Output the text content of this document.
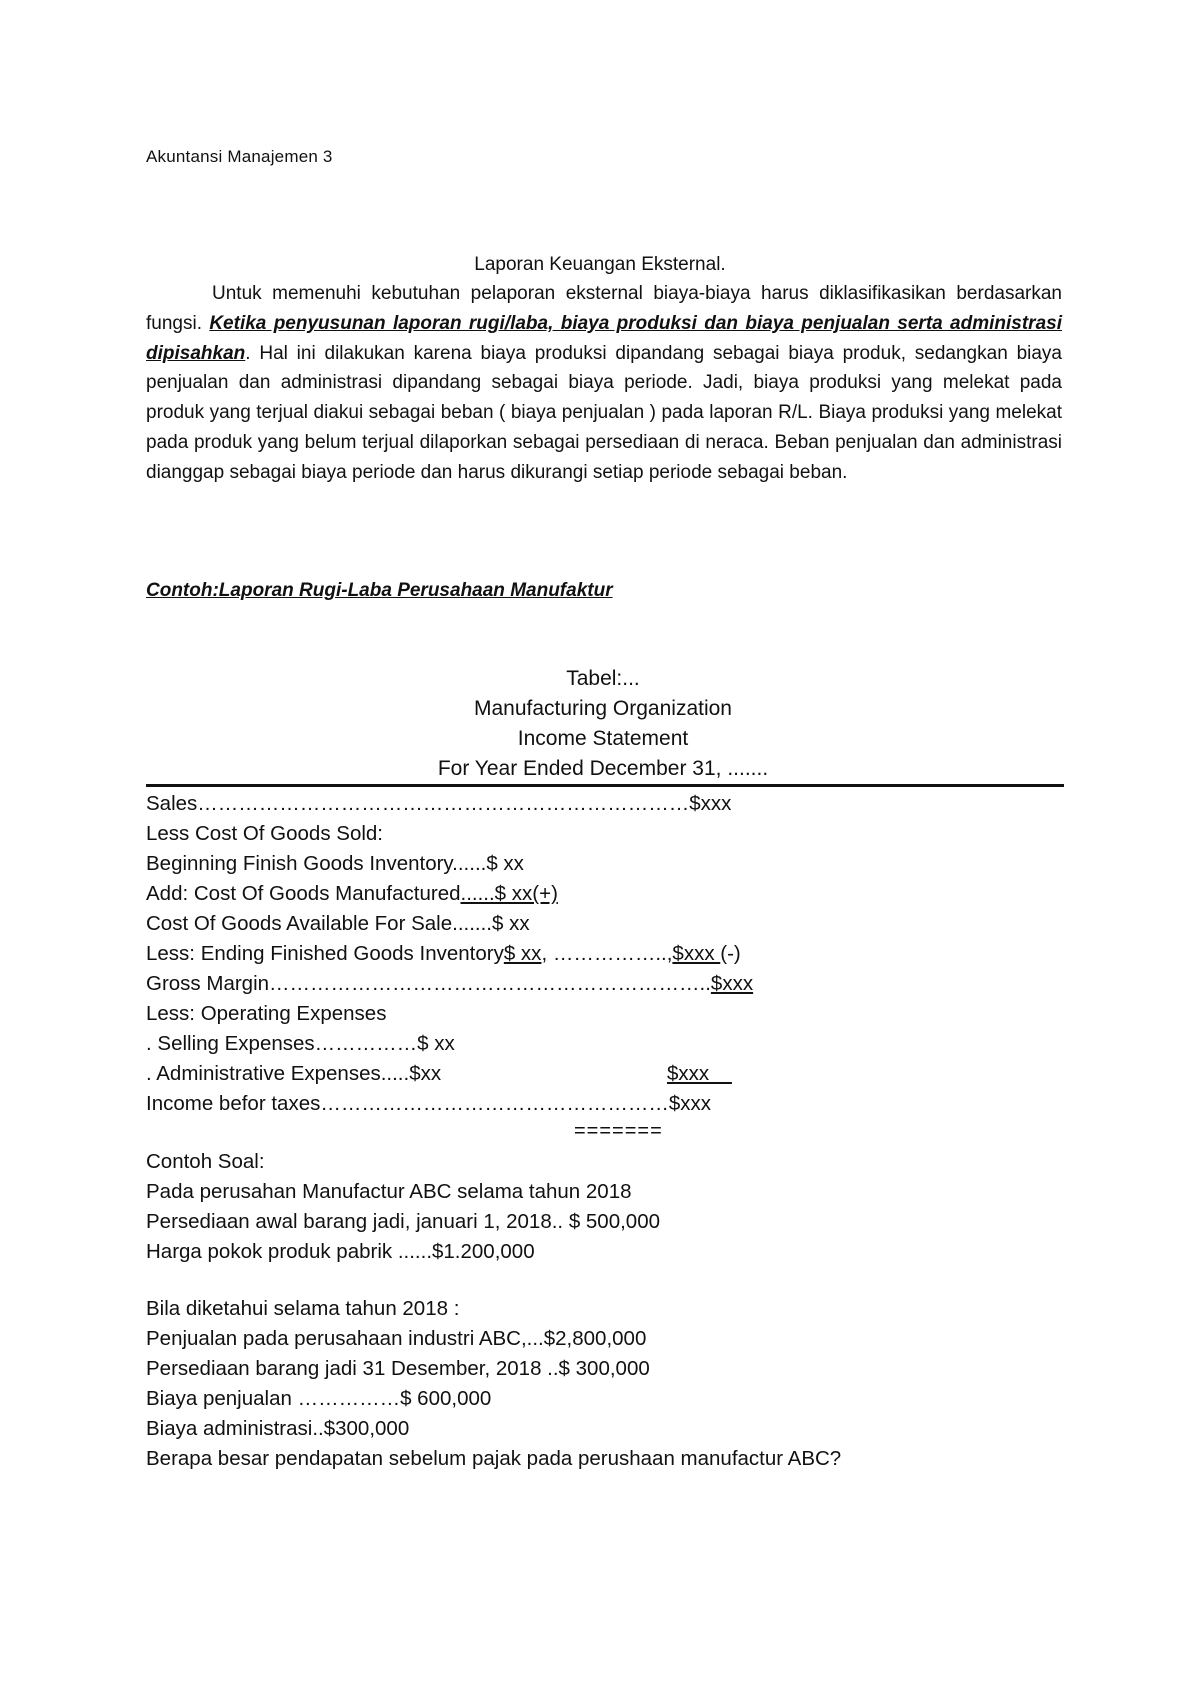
Akuntansi Manajemen 3

Laporan Keuangan Eksternal.

Untuk memenuhi kebutuhan pelaporan eksternal biaya-biaya harus diklasifikasikan berdasarkan fungsi. Ketika penyusunan laporan rugi/laba, biaya produksi dan biaya penjualan serta administrasi dipisahkan. Hal ini dilakukan karena biaya produksi dipandang sebagai biaya produk, sedangkan biaya penjualan dan administrasi dipandang sebagai biaya periode. Jadi, biaya produksi yang melekat pada produk yang terjual diakui sebagai beban ( biaya penjualan ) pada laporan R/L. Biaya produksi yang melekat pada produk yang belum terjual dilaporkan sebagai persediaan di neraca. Beban penjualan dan administrasi dianggap sebagai biaya periode dan harus dikurangi setiap periode sebagai beban.

Contoh:Laporan Rugi-Laba Perusahaan Manufaktur

Tabel:...

Manufacturing Organization

Income Statement

For Year Ended December 31, .......

Sales………………………………………………………………$xxx

Less Cost Of Goods Sold:

Beginning Finish Goods Inventory......$ xx

Add: Cost Of Goods Manufactured......$ xx(+)

Cost Of Goods Available For Sale.......$ xx

Less: Ending Finished Goods Inventory$ xx, ……………..,$xxx (-)

Gross Margin………………………………………………………..$xxx

Less: Operating Expenses

. Selling Expenses……………$ xx

. Administrative Expenses.....$xx	$xxx

Income befor taxes……………………………………………$xxx

=======

Contoh Soal:

Pada perusahan Manufactur ABC selama tahun 2018

Persediaan awal barang jadi, januari 1, 2018.. $ 500,000

Harga pokok produk pabrik ......$1.200,000

Bila diketahui selama tahun 2018 :

Penjualan pada perusahaan industri ABC,...$2,800,000

Persediaan barang jadi 31 Desember, 2018 ..$ 300,000

Biaya penjualan ……………$ 600,000

Biaya administrasi..$300,000

Berapa besar pendapatan sebelum pajak pada perushaan manufactur ABC?
